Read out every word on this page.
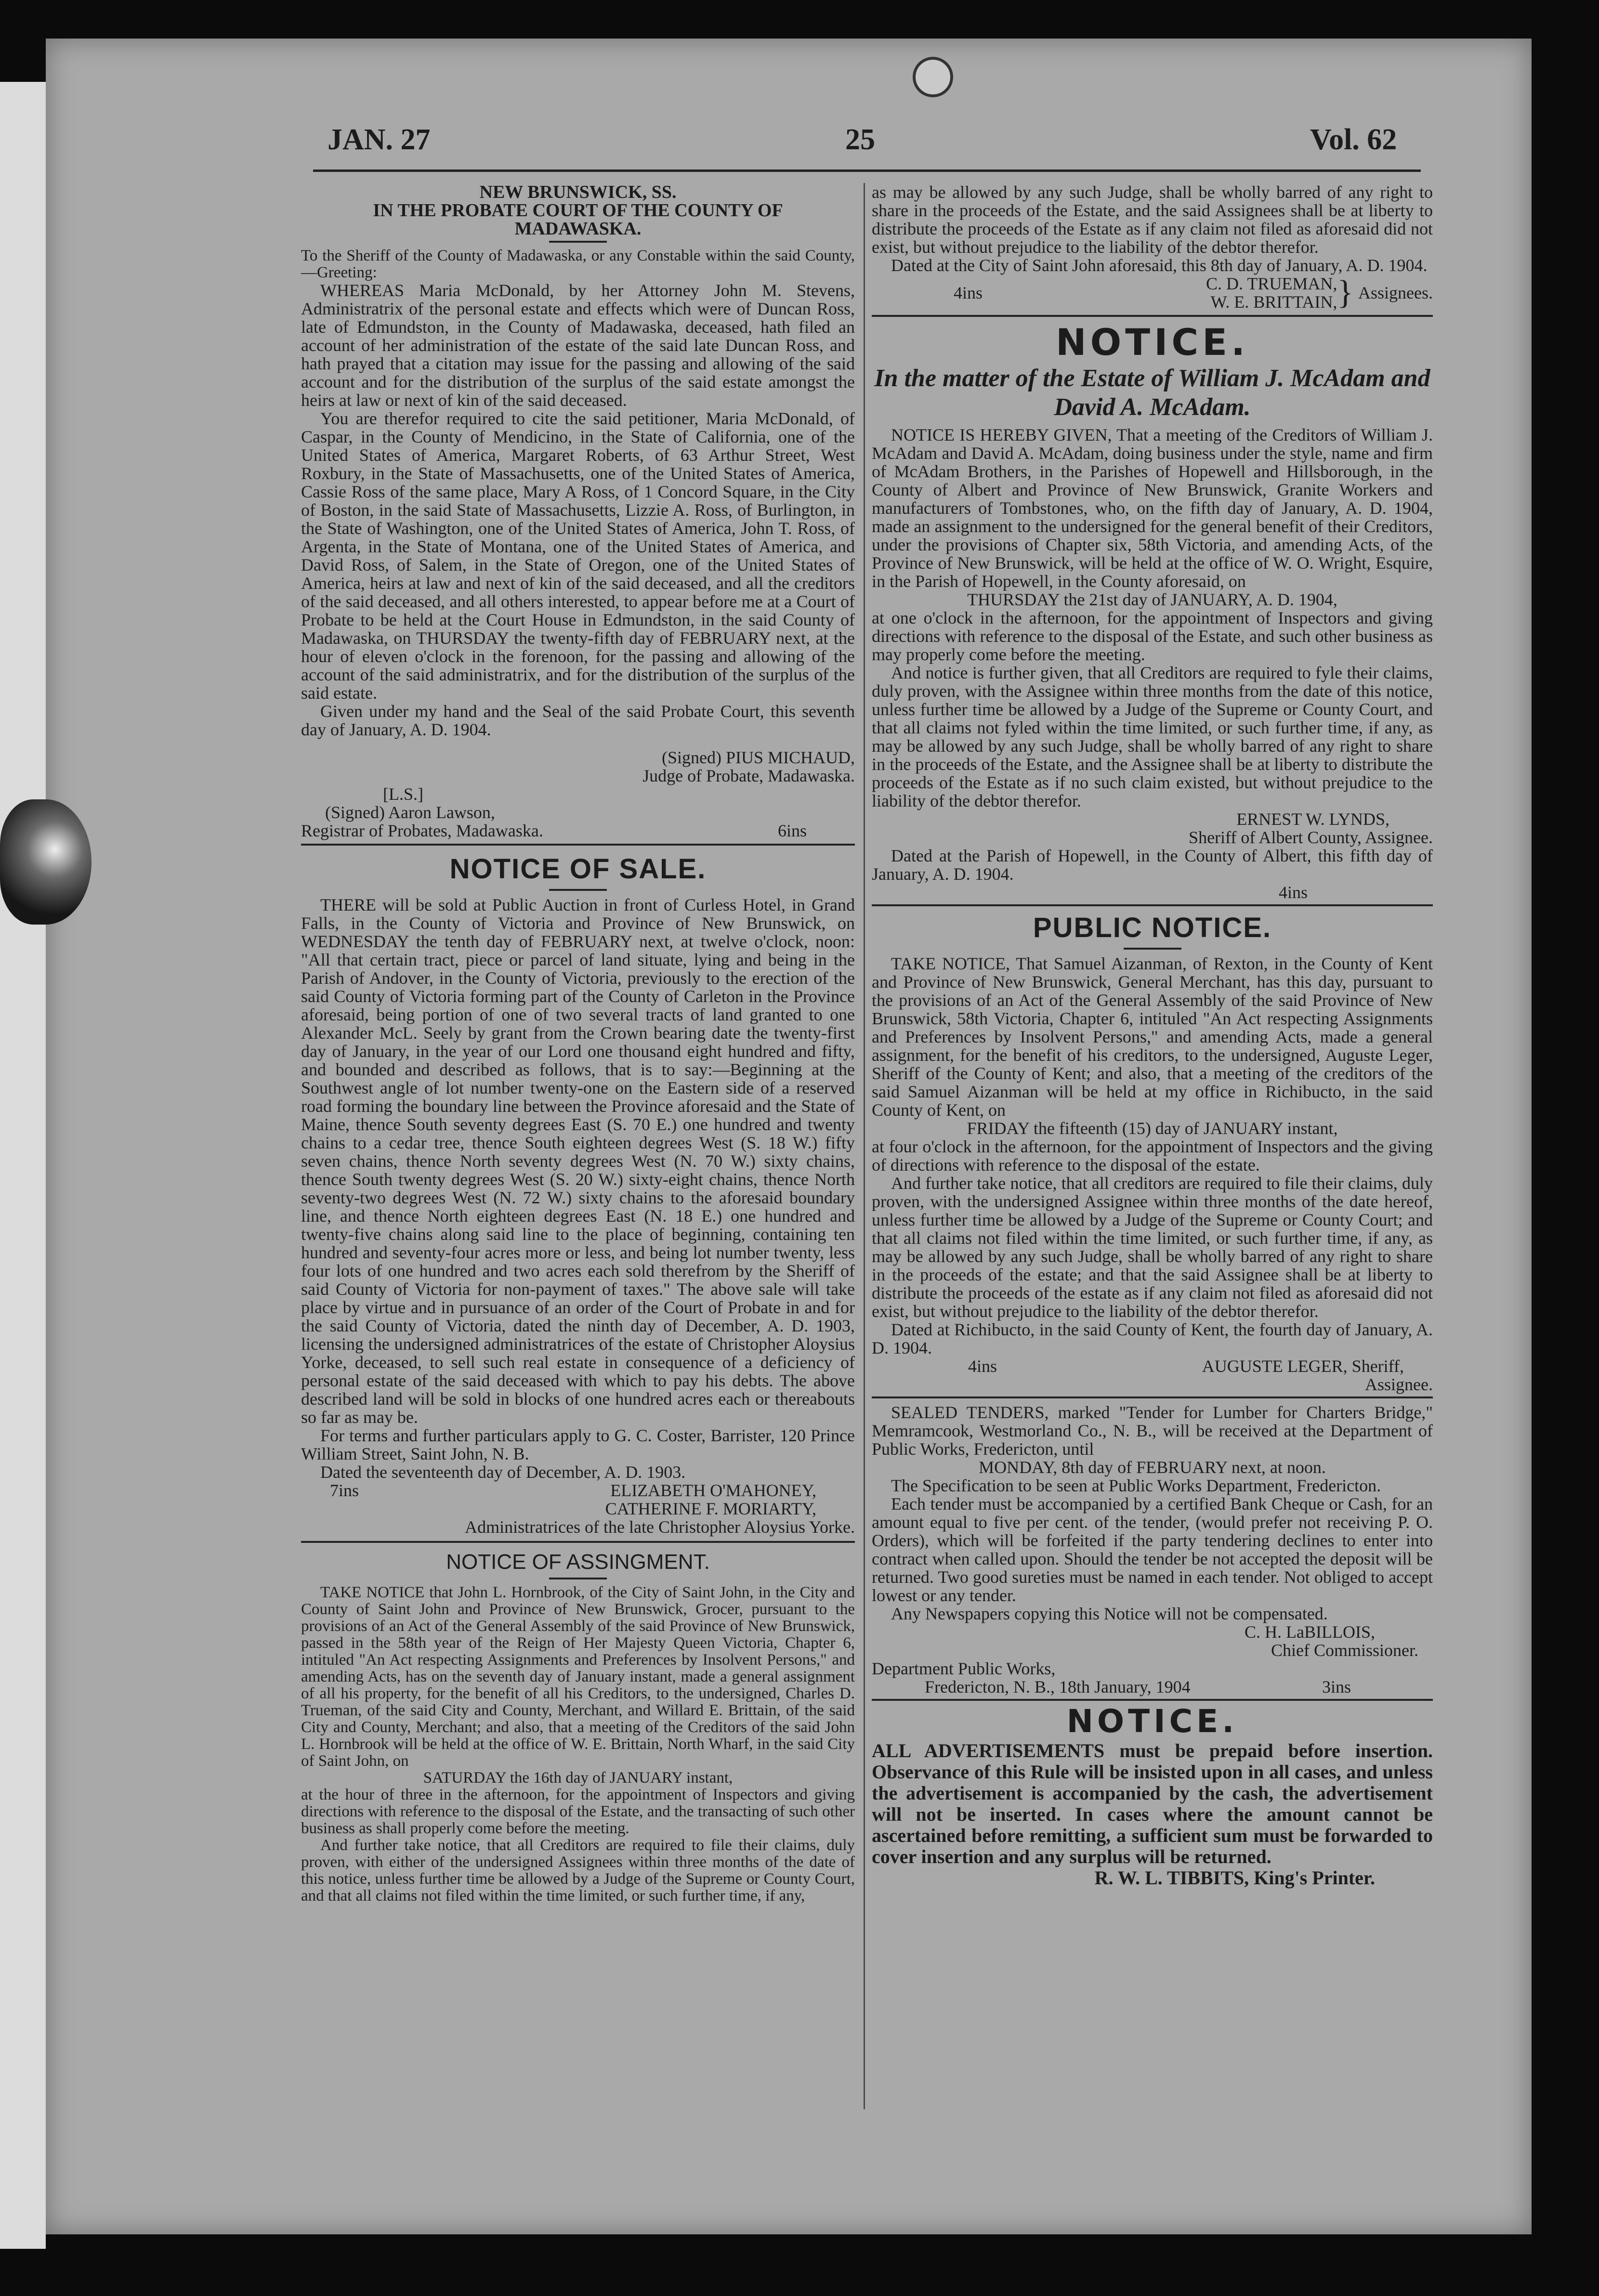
JAN. 27	25	Vol. 62

NEW BRUNSWICK, SS.

IN THE PROBATE COURT OF THE COUNTY OF

MADAWASKA.

To the Sheriff of the County of Madawaska, or any Constable within the said County,—Greeting:

WHEREAS Maria McDonald, by her Attorney John M. Stevens, Administratrix of the personal estate and effects which were of Duncan Ross, late of Edmundston, in the County of Madawaska, deceased, hath filed an account of her administration of the estate of the said late Duncan Ross, and hath prayed that a citation may issue for the passing and allowing of the said account and for the distribution of the surplus of the said estate amongst the heirs at law or next of kin of the said deceased.

You are therefor required to cite the said petitioner, Maria McDonald, of Caspar, in the County of Mendicino, in the State of California, one of the United States of America, Margaret Roberts, of 63 Arthur Street, West Roxbury, in the State of Massachusetts, one of the United States of America, Cassie Ross of the same place, Mary A Ross, of 1 Concord Square, in the City of Boston, in the said State of Massachusetts, Lizzie A. Ross, of Burlington, in the State of Washington, one of the United States of America, John T. Ross, of Argenta, in the State of Montana, one of the United States of America, and David Ross, of Salem, in the State of Oregon, one of the United States of America, heirs at law and next of kin of the said deceased, and all the creditors of the said deceased, and all others interested, to appear before me at a Court of Probate to be held at the Court House in Edmundston, in the said County of Madawaska, on THURSDAY the twenty-fifth day of FEBRUARY next, at the hour of eleven o'clock in the forenoon, for the passing and allowing of the account of the said administratrix, and for the distribution of the surplus of the said estate.

Given under my hand and the Seal of the said Probate Court, this seventh day of January, A. D. 1904.

(Signed) PIUS MICHAUD,

Judge of Probate, Madawaska.

[L.S.]

(Signed) Aaron Lawson,

Registrar of Probates, Madawaska.	6ins

NOTICE OF SALE.

THERE will be sold at Public Auction in front of Curless Hotel, in Grand Falls, in the County of Victoria and Province of New Brunswick, on WEDNESDAY the tenth day of FEBRUARY next, at twelve o'clock, noon: "All that certain tract, piece or parcel of land situate, lying and being in the Parish of Andover, in the County of Victoria, previously to the erection of the said County of Victoria forming part of the County of Carleton in the Province aforesaid, being portion of one of two several tracts of land granted to one Alexander McL. Seely by grant from the Crown bearing date the twenty-first day of January, in the year of our Lord one thousand eight hundred and fifty, and bounded and described as follows, that is to say:—Beginning at the Southwest angle of lot number twenty-one on the Eastern side of a reserved road forming the boundary line between the Province aforesaid and the State of Maine, thence South seventy degrees East (S. 70 E.) one hundred and twenty chains to a cedar tree, thence South eighteen degrees West (S. 18 W.) fifty seven chains, thence North seventy degrees West (N. 70 W.) sixty chains, thence South twenty degrees West (S. 20 W.) sixty-eight chains, thence North seventy-two degrees West (N. 72 W.) sixty chains to the aforesaid boundary line, and thence North eighteen degrees East (N. 18 E.) one hundred and twenty-five chains along said line to the place of beginning, containing ten hundred and seventy-four acres more or less, and being lot number twenty, less four lots of one hundred and two acres each sold therefrom by the Sheriff of said County of Victoria for non-payment of taxes." The above sale will take place by virtue and in pursuance of an order of the Court of Probate in and for the said County of Victoria, dated the ninth day of December, A. D. 1903, licensing the undersigned administratrices of the estate of Christopher Aloysius Yorke, deceased, to sell such real estate in consequence of a deficiency of personal estate of the said deceased with which to pay his debts. The above described land will be sold in blocks of one hundred acres each or thereabouts so far as may be.

For terms and further particulars apply to G. C. Coster, Barrister, 120 Prince William Street, Saint John, N. B.

Dated the seventeenth day of December, A. D. 1903.

7ins	ELIZABETH O'MAHONEY,

CATHERINE F. MORIARTY,

Administratrices of the late Christopher Aloysius Yorke.

NOTICE OF ASSINGMENT.

TAKE NOTICE that John L. Hornbrook, of the City of Saint John, in the City and County of Saint John and Province of New Brunswick, Grocer, pursuant to the provisions of an Act of the General Assembly of the said Province of New Brunswick, passed in the 58th year of the Reign of Her Majesty Queen Victoria, Chapter 6, intituled "An Act respecting Assignments and Preferences by Insolvent Persons," and amending Acts, has on the seventh day of January instant, made a general assignment of all his property, for the benefit of all his Creditors, to the undersigned, Charles D. Trueman, of the said City and County, Merchant, and Willard E. Brittain, of the said City and County, Merchant; and also, that a meeting of the Creditors of the said John L. Hornbrook will be held at the office of W. E. Brittain, North Wharf, in the said City of Saint John, on

SATURDAY the 16th day of JANUARY instant,

at the hour of three in the afternoon, for the appointment of Inspectors and giving directions with reference to the disposal of the Estate, and the transacting of such other business as shall properly come before the meeting.

And further take notice, that all Creditors are required to file their claims, duly proven, with either of the undersigned Assignees within three months of the date of this notice, unless further time be allowed by a Judge of the Supreme or County Court, and that all claims not filed within the time limited, or such further time, if any,

as may be allowed by any such Judge, shall be wholly barred of any right to share in the proceeds of the Estate, and the said Assignees shall be at liberty to distribute the proceeds of the Estate as if any claim not filed as aforesaid did not exist, but without prejudice to the liability of the debtor therefor.

Dated at the City of Saint John aforesaid, this 8th day of January, A. D. 1904.

4ins	C. D. TRUEMAN,
W. E. BRITTAIN, } Assignees.

NOTICE.

In the matter of the Estate of William J. McAdam and David A. McAdam.

NOTICE IS HEREBY GIVEN, That a meeting of the Creditors of William J. McAdam and David A. McAdam, doing business under the style, name and firm of McAdam Brothers, in the Parishes of Hopewell and Hillsborough, in the County of Albert and Province of New Brunswick, Granite Workers and manufacturers of Tombstones, who, on the fifth day of January, A. D. 1904, made an assignment to the undersigned for the general benefit of their Creditors, under the provisions of Chapter six, 58th Victoria, and amending Acts, of the Province of New Brunswick, will be held at the office of W. O. Wright, Esquire, in the Parish of Hopewell, in the County aforesaid, on

THURSDAY the 21st day of JANUARY, A. D. 1904,

at one o'clock in the afternoon, for the appointment of Inspectors and giving directions with reference to the disposal of the Estate, and such other business as may properly come before the meeting.

And notice is further given, that all Creditors are required to fyle their claims, duly proven, with the Assignee within three months from the date of this notice, unless further time be allowed by a Judge of the Supreme or County Court, and that all claims not fyled within the time limited, or such further time, if any, as may be allowed by any such Judge, shall be wholly barred of any right to share in the proceeds of the Estate, and the Assignee shall be at liberty to distribute the proceeds of the Estate as if no such claim existed, but without prejudice to the liability of the debtor therefor.

ERNEST W. LYNDS,

Sheriff of Albert County, Assignee.

Dated at the Parish of Hopewell, in the County of Albert, this fifth day of January, A. D. 1904.

4ins

PUBLIC NOTICE.

TAKE NOTICE, That Samuel Aizanman, of Rexton, in the County of Kent and Province of New Brunswick, General Merchant, has this day, pursuant to the provisions of an Act of the General Assembly of the said Province of New Brunswick, 58th Victoria, Chapter 6, intituled "An Act respecting Assignments and Preferences by Insolvent Persons," and amending Acts, made a general assignment, for the benefit of his creditors, to the undersigned, Auguste Leger, Sheriff of the County of Kent; and also, that a meeting of the creditors of the said Samuel Aizanman will be held at my office in Richibucto, in the said County of Kent, on

FRIDAY the fifteenth (15) day of JANUARY instant,

at four o'clock in the afternoon, for the appointment of Inspectors and the giving of directions with reference to the disposal of the estate.

And further take notice, that all creditors are required to file their claims, duly proven, with the undersigned Assignee within three months of the date hereof, unless further time be allowed by a Judge of the Supreme or County Court; and that all claims not filed within the time limited, or such further time, if any, as may be allowed by any such Judge, shall be wholly barred of any right to share in the proceeds of the estate; and that the said Assignee shall be at liberty to distribute the proceeds of the estate as if any claim not filed as aforesaid did not exist, but without prejudice to the liability of the debtor therefor.

Dated at Richibucto, in the said County of Kent, the fourth day of January, A. D. 1904.

4ins	AUGUSTE LEGER, Sheriff,

Assignee.

SEALED TENDERS, marked "Tender for Lumber for Charters Bridge," Memramcook, Westmorland Co., N. B., will be received at the Department of Public Works, Fredericton, until

MONDAY, 8th day of FEBRUARY next, at noon.

The Specification to be seen at Public Works Department, Fredericton.

Each tender must be accompanied by a certified Bank Cheque or Cash, for an amount equal to five per cent. of the tender, (would prefer not receiving P. O. Orders), which will be forfeited if the party tendering declines to enter into contract when called upon. Should the tender be not accepted the deposit will be returned. Two good sureties must be named in each tender. Not obliged to accept lowest or any tender.

Any Newspapers copying this Notice will not be compensated.

C. H. LaBILLOIS,

Chief Commissioner.

Department Public Works,

Fredericton, N. B., 18th January, 1904	3ins

NOTICE.

ALL ADVERTISEMENTS must be prepaid before insertion. Observance of this Rule will be insisted upon in all cases, and unless the advertisement is accompanied by the cash, the advertisement will not be inserted. In cases where the amount cannot be ascertained before remitting, a sufficient sum must be forwarded to cover insertion and any surplus will be returned.

R. W. L. TIBBITS, King's Printer.
